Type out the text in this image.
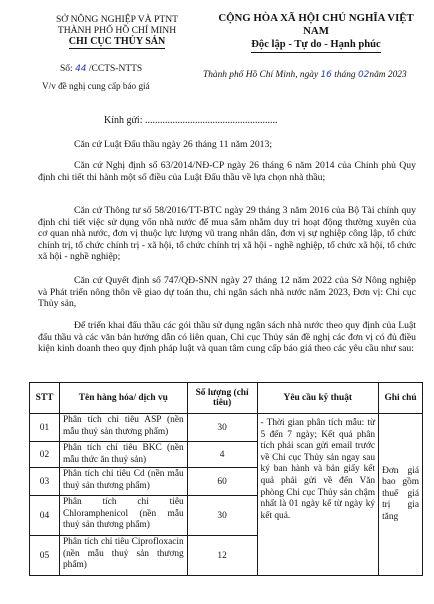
SỞ NÔNG NGHIỆP VÀ PTNT
THÀNH PHỐ HỒ CHÍ MINH
CHI CỤC THỦY SẢN
CỘNG HÒA XÃ HỘI CHỦ NGHĨA VIỆT NAM
Độc lập - Tự do - Hạnh phúc
Số: 44 /CCTS-NTTS
V/v đề nghị cung cấp báo giá
Thành phố Hồ Chí Minh, ngày 16 tháng 02năm 2023
Kính gửi: .....................................................
Căn cứ Luật Đấu thầu ngày 26 tháng 11 năm 2013;
Căn cứ Nghị định số 63/2014/NĐ-CP ngày 26 tháng 6 năm 2014 của Chính phủ Quy định chi tiết thi hành một số điều của Luật Đấu thầu về lựa chọn nhà thầu;
Căn cứ Thông tư số 58/2016/TT-BTC ngày 29 tháng 3 năm 2016 của Bộ Tài chính quy định chi tiết việc sử dụng vốn nhà nước để mua sắm nhằm duy trì hoạt động thường xuyên của cơ quan nhà nước, đơn vị thuộc lực lượng vũ trang nhân dân, đơn vị sự nghiệp công lập, tổ chức chính trị, tổ chức chính trị - xã hội, tổ chức chính trị xã hội - nghề nghiệp, tổ chức xã hội, tổ chức xã hội - nghề nghiệp;
Căn cứ Quyết định số 747/QĐ-SNN ngày 27 tháng 12 năm 2022 của Sở Nông nghiệp và Phát triển nông thôn về giao dự toán thu, chi ngân sách nhà nước năm 2023, Đơn vị: Chi cục Thủy sản,
Để triển khai đấu thầu các gói thầu sử dụng ngân sách nhà nước theo quy định của Luật đấu thầu và các văn bản hướng dẫn có liên quan, Chi cục Thủy sản đề nghị các đơn vị có đủ điều kiện kinh doanh theo quy định pháp luật và quan tâm cung cấp báo giá theo các yêu cầu như sau:
STT	Tên hàng hóa/ dịch vụ	Số lượng (chỉ tiêu)	Yêu cầu kỹ thuật	Ghi chú
01	Phân tích chỉ tiêu ASP (nền mẫu thuỷ sản thương phẩm)	30	- Thời gian phân tích mẫu: từ 5 đến 7 ngày; Kết quả phân tích phải scan gửi email trước về Chi cục Thủy sản ngay sau ký ban hành và bản giấy kết quả phải gửi về đến Văn phòng Chi cục Thủy sản chậm nhất là 01 ngày kể từ ngày ký kết quả.	Đơn giá bao gồm thuế giá trị gia tăng
02	Phân tích chỉ tiêu BKC (nền mẫu thức ăn thuỷ sản)	4		
03	Phân tích chỉ tiêu Cd (nền mẫu thuỷ sản thương phẩm)	60		
04	Phân tích chỉ tiêu Chloramphenicol (nền mẫu thuỷ sản thương phẩm)	30		
05	Phân tích chỉ tiêu Ciprofloxacin (nền mẫu thuỷ sản thương phẩm)	12		
